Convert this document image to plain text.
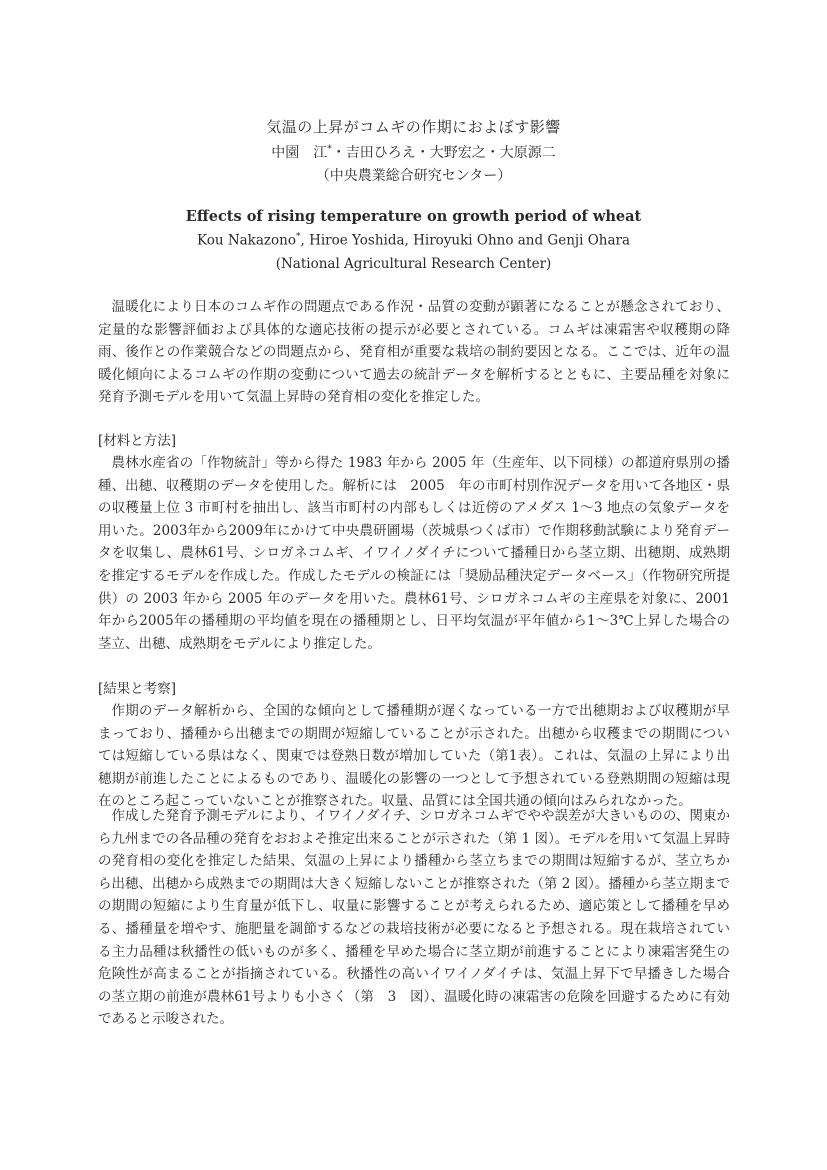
気温の上昇がコムギの作期におよぼす影響
中園　江*・吉田ひろえ・大野宏之・大原源二
（中央農業総合研究センター）
Effects of rising temperature on growth period of wheat
Kou Nakazono*, Hiroe Yoshida, Hiroyuki Ohno and Genji Ohara
(National Agricultural Research Center)

温暖化により日本のコムギ作の問題点である作況・品質の変動が顕著になることが懸念されており、定量的な影響評価および具体的な適応技術の提示が必要とされている。コムギは凍霜害や収穫期の降雨、後作との作業競合などの問題点から、発育相が重要な栽培の制約要因となる。ここでは、近年の温暖化傾向によるコムギの作期の変動について過去の統計データを解析するとともに、主要品種を対象に発育予測モデルを用いて気温上昇時の発育相の変化を推定した。

[材料と方法]

農林水産省の「作物統計」等から得た 1983 年から 2005 年（生産年、以下同様）の都道府県別の播種、出穂、収穫期のデータを使用した。解析には　2005　年の市町村別作況データを用いて各地区・県の収穫量上位 3 市町村を抽出し、該当市町村の内部もしくは近傍のアメダス 1～3 地点の気象データを用いた。2003年から2009年にかけて中央農研圃場（茨城県つくば市）で作期移動試験により発育データを収集し、農林61号、シロガネコムギ、イワイノダイチについて播種日から茎立期、出穂期、成熟期を推定するモデルを作成した。作成したモデルの検証には「奨励品種決定データベース」（作物研究所提供）の 2003 年から 2005 年のデータを用いた。農林61号、シロガネコムギの主産県を対象に、2001年から2005年の播種期の平均値を現在の播種期とし、日平均気温が平年値から1～3℃上昇した場合の茎立、出穂、成熟期をモデルにより推定した。

[結果と考察]

作期のデータ解析から、全国的な傾向として播種期が遅くなっている一方で出穂期および収穫期が早まっており、播種から出穂までの期間が短縮していることが示された。出穂から収穫までの期間については短縮している県はなく、関東では登熟日数が増加していた（第1表）。これは、気温の上昇により出穂期が前進したことによるものであり、温暖化の影響の一つとして予想されている登熟期間の短縮は現在のところ起こっていないことが推察された。収量、品質には全国共通の傾向はみられなかった。

作成した発育予測モデルにより、イワイノダイチ、シロガネコムギでやや誤差が大きいものの、関東から九州までの各品種の発育をおおよそ推定出来ることが示された（第 1 図）。モデルを用いて気温上昇時の発育相の変化を推定した結果、気温の上昇により播種から茎立ちまでの期間は短縮するが、茎立ちから出穂、出穂から成熟までの期間は大きく短縮しないことが推察された（第 2 図）。播種から茎立期までの期間の短縮により生育量が低下し、収量に影響することが考えられるため、適応策として播種を早める、播種量を増やす、施肥量を調節するなどの栽培技術が必要になると予想される。現在栽培されている主力品種は秋播性の低いものが多く、播種を早めた場合に茎立期が前進することにより凍霜害発生の危険性が高まることが指摘されている。秋播性の高いイワイノダイチは、気温上昇下で早播きした場合の茎立期の前進が農林61号よりも小さく（第　3　図）、温暖化時の凍霜害の危険を回避するために有効であると示唆された。
